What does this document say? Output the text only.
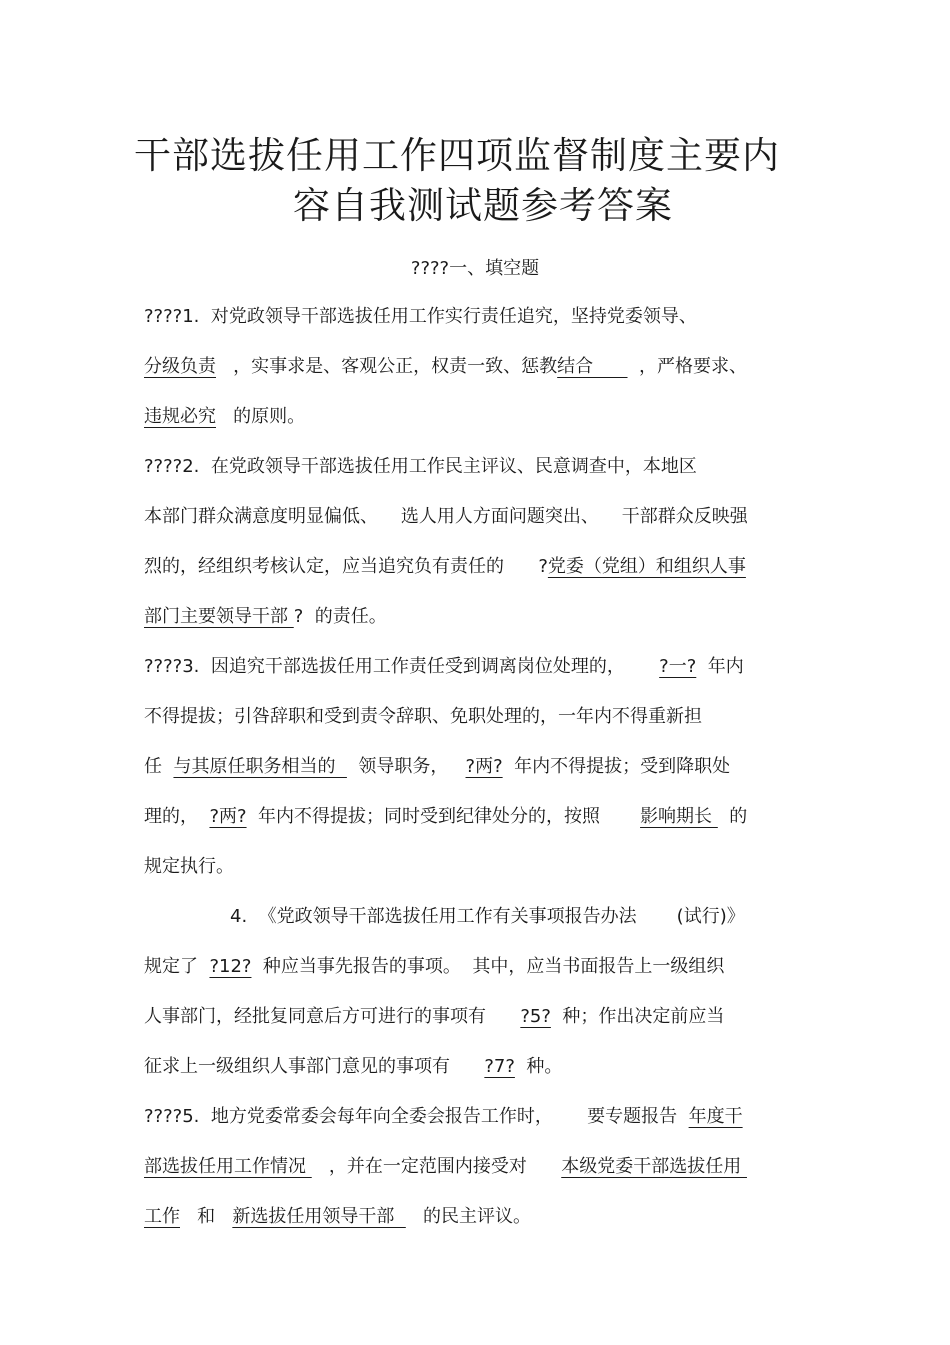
干部选拔任用工作四项监督制度主要内
容自我测试题参考答案
????一、填空题
????1.  对党政领导干部选拔任用工作实行责任追究，坚持党委领导、
分级负责   ，实事求是、客观公正，权责一致、惩教结合        ，严格要求、
违规必究   的原则。
????2.  在党政领导干部选拔任用工作民主评议、民意调查中，本地区
本部门群众满意度明显偏低、    选人用人方面问题突出、    干部群众反映强
烈的，经组织考核认定，应当追究负有责任的      ?党委（党组）和组织人事
部门主要领导干部 ?  的责任。
????3.  因追究干部选拔任用工作责任受到调离岗位处理的，      ?一?  年内
不得提拔；引咎辞职和受到责令辞职、免职处理的，一年内不得重新担
任  与其原任职务相当的    领导职务，   ?两?  年内不得提拔；受到降职处
理的，  ?两?  年内不得提拔；同时受到纪律处分的，按照       影响期长   的
规定执行。
4.  《党政领导干部选拔任用工作有关事项报告办法       (试行)》
规定了  ?12?  种应当事先报告的事项。  其中，应当书面报告上一级组织
人事部门，经批复同意后方可进行的事项有      ?5?  种；作出决定前应当
征求上一级组织人事部门意见的事项有      ?7?  种。
????5.  地方党委常委会每年向全委会报告工作时，      要专题报告  年度干
部选拔任用工作情况    ，并在一定范围内接受对      本级党委干部选拔任用
工作   和   新选拔任用领导干部     的民主评议。
